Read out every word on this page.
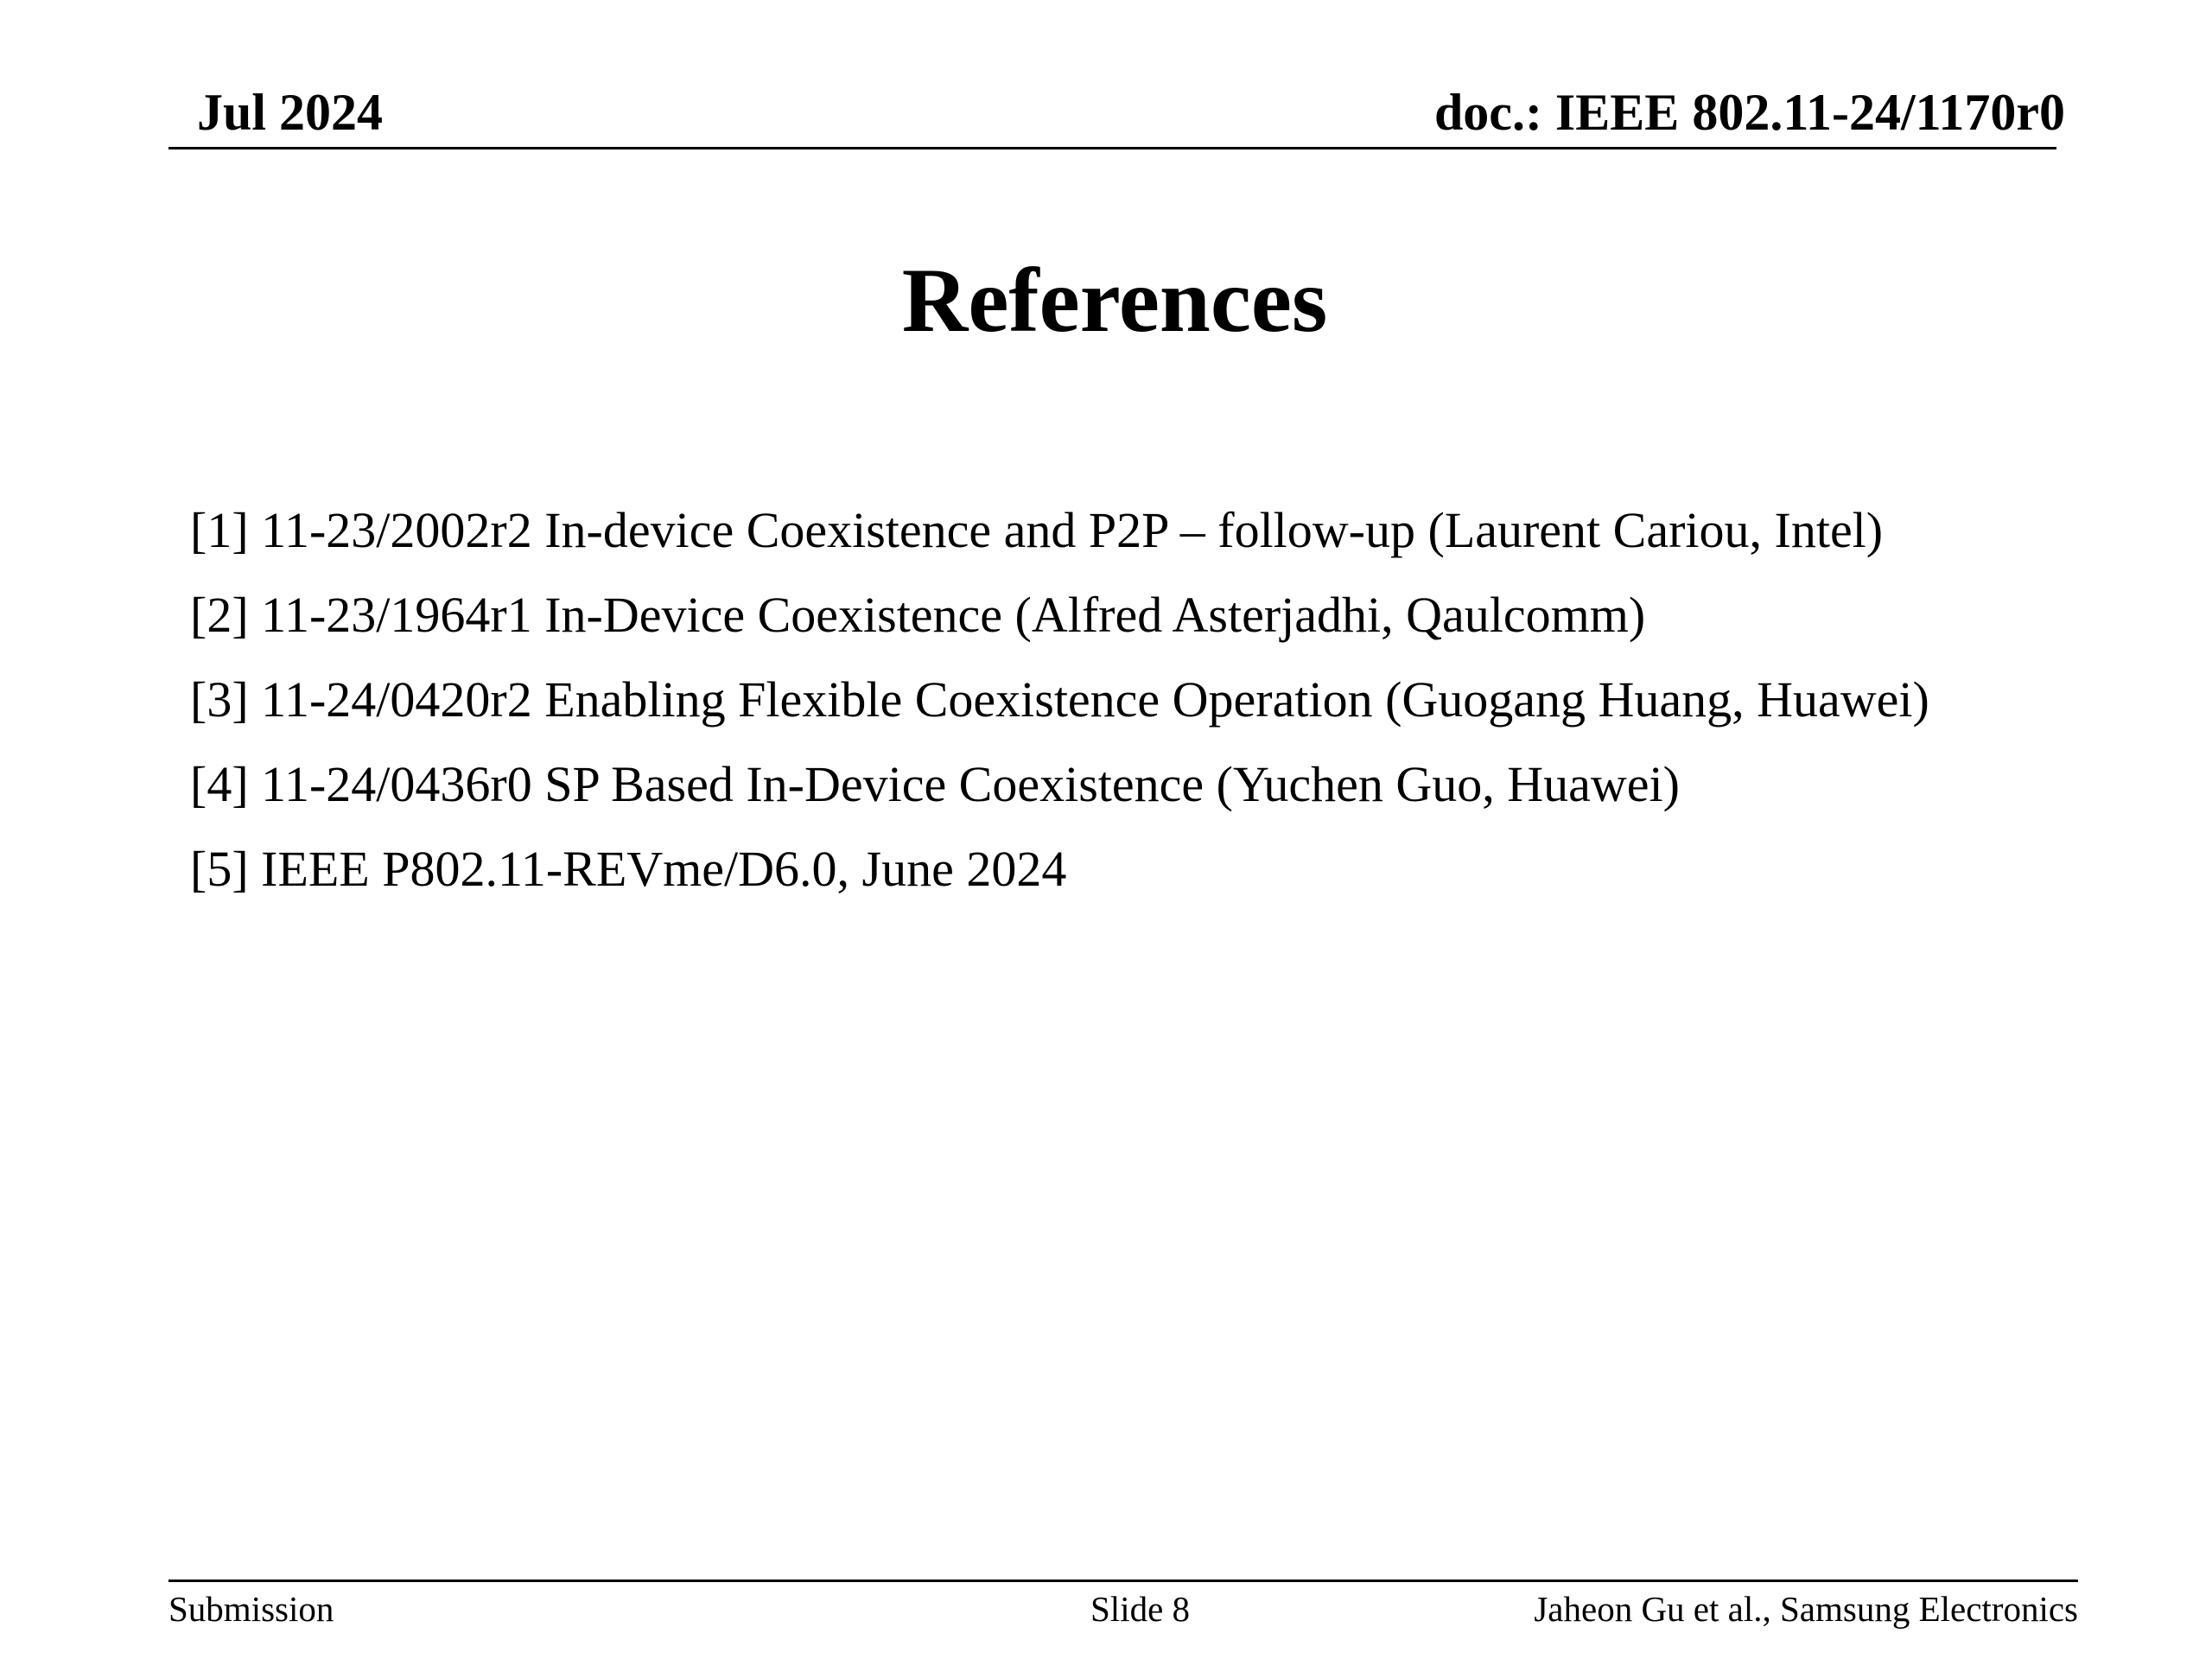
Jul 2024	doc.: IEEE 802.11-24/1170r0
References
[1] 11-23/2002r2 In-device Coexistence and P2P – follow-up (Laurent Cariou, Intel)
[2] 11-23/1964r1 In-Device Coexistence (Alfred Asterjadhi, Qaulcomm)
[3] 11-24/0420r2 Enabling Flexible Coexistence Operation (Guogang Huang, Huawei)
[4] 11-24/0436r0 SP Based In-Device Coexistence (Yuchen Guo, Huawei)
[5] IEEE P802.11-REVme/D6.0, June 2024
Submission	Slide 8	Jaheon Gu et al., Samsung Electronics
